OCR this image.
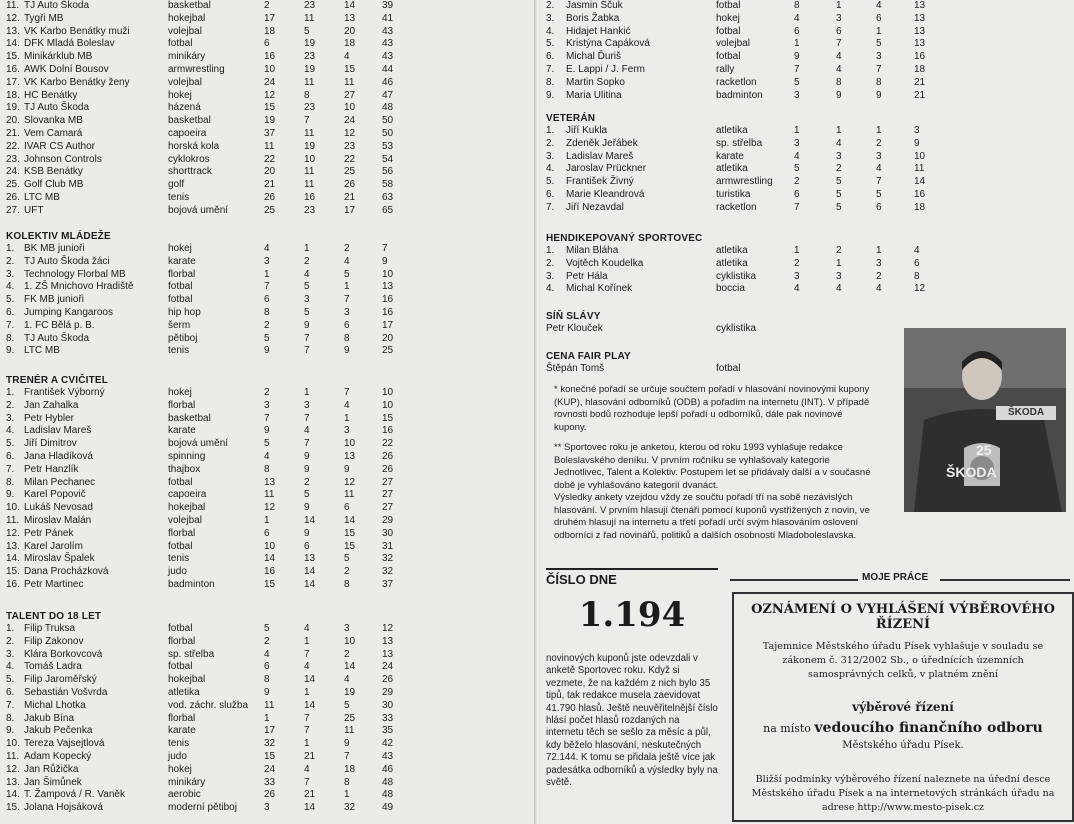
11. TJ Auto Škoda	basketbal	2	23	14	39
12. Tygři MB	hokejbal	17	11	13	41
13. VK Karbo Benátky muži	volejbal	18	5	20	43
14. DFK Mladá Boleslav	fotbal	6	19	18	43
15. Minikárklub MB	minikáry	16	23	4	43
16. AWK Dolní Bousov	armwrestling	10	19	15	44
17. VK Karbo Benátky ženy	volejbal	24	11	11	46
18. HC Benátky	hokej	12	8	27	47
19. TJ Auto Škoda	házená	15	23	10	48
20. Slovanka MB	basketbal	19	7	24	50
21. Vem Camará	capoeira	37	11	12	50
22. IVAR CS Author	horská kola	11	19	23	53
23. Johnson Controls	cyklokros	22	10	22	54
24. KSB Benátky	shorttrack	20	11	25	56
25. Golf Club MB	golf	21	11	26	58
26. LTC MB	tenis	26	16	21	63
27. UFT	bojová umění	25	23	17	65
KOLEKTIV MLÁDEŽE
1. BK MB junioři	hokej	4	1	2	7
2. TJ Auto Škoda žáci	karate	3	2	4	9
3. Technology Florbal MB	florbal	1	4	5	10
4. 1. ZŠ Mnichovo Hradiště	fotbal	7	5	1	13
5. FK MB junioři	fotbal	6	3	7	16
6. Jumping Kangaroos	hip hop	8	5	3	16
7. 1. FC Bělá p. B.	šerm	2	9	6	17
8. TJ Auto Škoda	pětiboj	5	7	8	20
9. LTC MB	tenis	9	7	9	25
TRENÉR A CVIČITEL
1. František Výborný	hokej	2	1	7	10
2. Jan Zahalka	florbal	3	3	4	10
3. Petr Hybler	basketbal	7	7	1	15
4. Ladislav Mareš	karate	9	4	3	16
5. Jiří Dimitrov	bojová umění	5	7	10	22
6. Jana Hladíková	spinning	4	9	13	26
7. Petr Hanzlík	thajbox	8	9	9	26
8. Milan Pechanec	fotbal	13	2	12	27
9. Karel Popovič	capoeira	11	5	11	27
10. Lukáš Nevosad	hokejbal	12	9	6	27
11. Miroslav Malán	volejbal	1	14	14	29
12. Petr Pánek	florbal	6	9	15	30
13. Karel Jarolím	fotbal	10	6	15	31
14. Miroslav Špalek	tenis	14	13	5	32
15. Dana Procházková	judo	16	14	2	32
16. Petr Martinec	badminton	15	14	8	37
TALENT DO 18 LET
1. Filip Truksa	fotbal	5	4	3	12
2. Filip Zakonov	florbal	2	1	10	13
3. Klára Borkovcová	sp. střelba	4	7	2	13
4. Tomáš Ladra	fotbal	6	4	14	24
5. Filip Jaroměřský	hokejbal	8	14	4	26
6. Sebastián Vošvrda	atletika	9	1	19	29
7. Michal Lhotka	vod. záchr. služba 11	14	5	30
8. Jakub Bína	florbal	1	7	25	33
9. Jakub Pečenka	karate	17	7	11	35
10. Tereza Vajsejtlová	tenis	32	1	9	42
11. Adam Kopecký	judo	15	21	7	43
12. Jan Růžička	hokej	24	4	18	46
13. Jan Šimůnek	minikáry	33	7	8	48
14. T. Žampová / R. Vaněk	aerobic	26	21	1	48
15. Jolana Hojsáková	moderní pětiboj	3	14	32	49
2. Jasmin Ščuk	fotbal	8	1	4	13
3. Boris Žabka	hokej	4	3	6	13
4. Hidajet Hankić	fotbal	6	6	1	13
5. Kristýna Capáková	volejbal	1	7	5	13
6. Michal Ďuriš	fotbal	9	4	3	16
7. E. Lappi / J. Ferm	rally	7	4	7	18
8. Martin Sopko	racketlon	5	8	8	21
9. Maria Ulitina	badminton	3	9	9	21
VETERÁN
1. Jiří Kukla	atletika	1	1	1	3
2. Zdeněk Jeřábek	sp. střelba	3	4	2	9
3. Ladislav Mareš	karate	4	3	3	10
4. Jaroslav Prückner	atletika	5	2	4	11
5. František Živný	armwrestling 2	5	7	14
6. Marie Kleandrová	turistika	6	5	5	16
7. Jiří Nezavdal	racketlon	7	5	6	18
HENDIKEPOVANÝ SPORTOVEC
1. Milan Bláha	atletika	1	2	1	4
2. Vojtěch Koudelka	atletika	2	1	3	6
3. Petr Hála	cyklistika	3	3	2	8
4. Michal Kořínek	boccia	4	4	4	12
SÍŇ SLÁVY
Petr Klouček	cyklistika
CENA FAIR PLAY
Štěpán Tomš	fotbal

* konečné pořadí se určuje součtem pořadí v hlasování novinovými kupony (KUP), hlasování odborníků (ODB) a pořadím na internetu (INT). V případě rovnosti bodů rozhoduje lepší pořadí u odborníků, dále pak novinové kupony.

** Sportovec roku je anketou, kterou od roku 1993 vyhlašuje redakce Boleslavského deníku. V prvním ročníku se vyhlašovaly kategorie Jednotlivec, Talent a Kolektiv. Postupem let se přidávaly další a v současné době je vyhlašováno kategorií dvanáct.

Výsledky ankety vzejdou vždy ze součtu pořadí tří na sobě nezávislých hlasování. V prvním hlasují čtenáři pomocí kuponů vystřižených z novin, ve druhém hlasují na internetu a třetí pořadí určí svým hlasováním oslovení odborníci z řad novinářů, politiků a dalších osobností Mladoboleslavska.

ŠKODA
25
ŠKODA
ČÍSLO DNE
1.194
novinových kuponů jste odevzdali v anketě Sportovec roku. Když si vezmete, že na každém z nich bylo 35 tipů, tak redakce musela zaevidovat 41.790 hlasů. Ještě neuvěřitelnější číslo hlásí počet hlasů rozdaných na internetu těch se sešlo za měsíc a půl, kdy běželo hlasování, neskutečných 72.144. K tomu se přidala ještě více jak padesátka odborníků a výsledky byly na světě.
MOJE PRÁCE
OZNÁMENÍ O VYHLÁŠENÍ VÝBĚROVÉHO ŘÍZENÍ
Tajemnice Městského úřadu Písek vyhlašuje v souladu se zákonem č. 312/2002 Sb., o úřednících územních samosprávných celků, v platném znění
výběrové řízení
na místo vedoucího finančního odboru
Městského úřadu Písek.
Bližší podmínky výběrového řízení naleznete na úřední desce Městského úřadu Písek a na internetových stránkách úřadu na adrese http://www.mesto-pisek.cz
